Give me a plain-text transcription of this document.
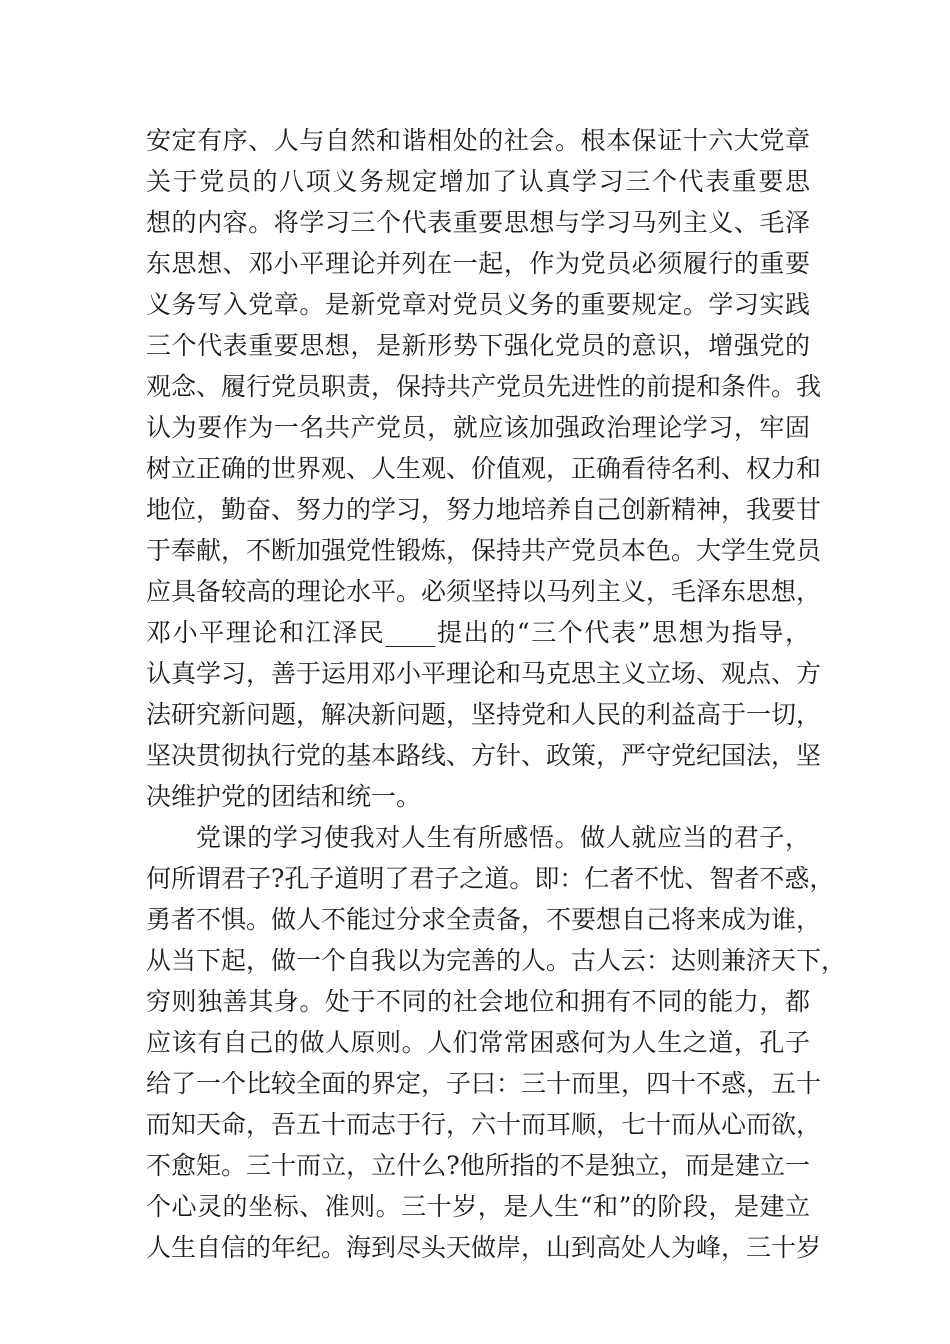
安定有序、人与自然和谐相处的社会。根本保证十六大党章
关于党员的八项义务规定增加了认真学习三个代表重要思
想的内容。将学习三个代表重要思想与学习马列主义、毛泽
东思想、邓小平理论并列在一起，作为党员必须履行的重要
义务写入党章。是新党章对党员义务的重要规定。学习实践
三个代表重要思想，是新形势下强化党员的意识，增强党的
观念、履行党员职责，保持共产党员先进性的前提和条件。我
认为要作为一名共产党员，就应该加强政治理论学习，牢固
树立正确的世界观、人生观、价值观，正确看待名利、权力和
地位，勤奋、努力的学习，努力地培养自己创新精神，我要甘
于奉献，不断加强党性锻炼，保持共产党员本色。大学生党员
应具备较高的理论水平。必须坚持以马列主义，毛泽东思想，
邓小平理论和江泽民____提出的“三个代表”思想为指导，
认真学习，善于运用邓小平理论和马克思主义立场、观点、方
法研究新问题，解决新问题，坚持党和人民的利益高于一切，
坚决贯彻执行党的基本路线、方针、政策，严守党纪国法，坚
决维护党的团结和统一。
党课的学习使我对人生有所感悟。做人就应当的君子，
何所谓君子?孔子道明了君子之道。即：仁者不忧、智者不惑，
勇者不惧。做人不能过分求全责备，不要想自己将来成为谁，
从当下起，做一个自我以为完善的人。古人云：达则兼济天下，
穷则独善其身。处于不同的社会地位和拥有不同的能力，都
应该有自己的做人原则。人们常常困惑何为人生之道，孔子
给了一个比较全面的界定，子曰：三十而里，四十不惑，五十
而知天命，吾五十而志于行，六十而耳顺，七十而从心而欲，
不愈矩。三十而立，立什么?他所指的不是独立，而是建立一
个心灵的坐标、准则。三十岁，是人生“和”的阶段，是建立
人生自信的年纪。海到尽头天做岸，山到高处人为峰，三十岁
